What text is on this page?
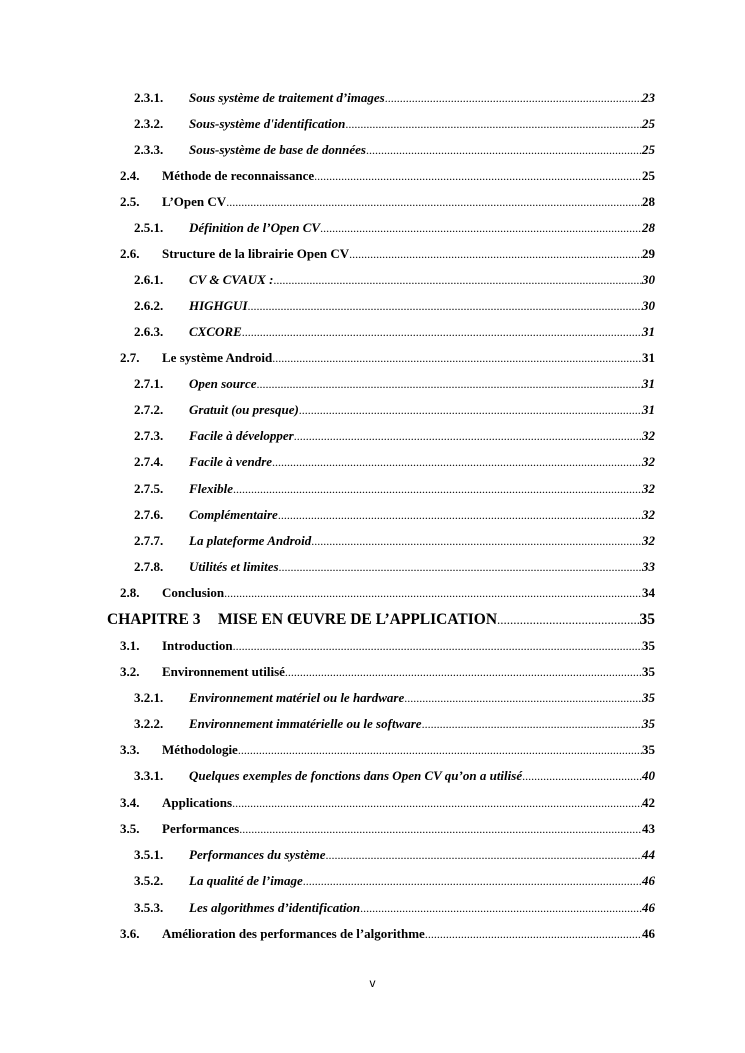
2.3.1.	Sous système de traitement d’images .....	23
2.3.2.	Sous-système d'identification .....	25
2.3.3.	Sous-système de base de données .....	25
2.4.	Méthode de reconnaissance .....	25
2.5.	L’Open CV .....	28
2.5.1.	Définition de l’Open CV .....	28
2.6.	Structure de la librairie Open CV .....	29
2.6.1.	CV & CVAUX : .....	30
2.6.2.	HIGHGUI .....	30
2.6.3.	CXCORE .....	31
2.7.	Le système Android .....	31
2.7.1.	Open source .....	31
2.7.2.	Gratuit (ou presque) .....	31
2.7.3.	Facile à développer .....	32
2.7.4.	Facile à vendre .....	32
2.7.5.	Flexible .....	32
2.7.6.	Complémentaire .....	32
2.7.7.	La plateforme Android .....	32
2.7.8.	Utilités et limites .....	33
2.8.	Conclusion .....	34
CHAPITRE 3	MISE EN ŒUVRE DE L’APPLICATION .....	35
3.1.	Introduction .....	35
3.2.	Environnement utilisé .....	35
3.2.1.	Environnement matériel ou le hardware .....	35
3.2.2.	Environnement immatérielle ou le software .....	35
3.3.	Méthodologie .....	35
3.3.1.	Quelques exemples de fonctions dans Open CV qu’on a utilisé .....	40
3.4.	Applications .....	42
3.5.	Performances .....	43
3.5.1.	Performances du système .....	44
3.5.2.	La qualité de l’image .....	46
3.5.3.	Les algorithmes d’identification .....	46
3.6.	Amélioration des performances de l’algorithme .....	46
v
